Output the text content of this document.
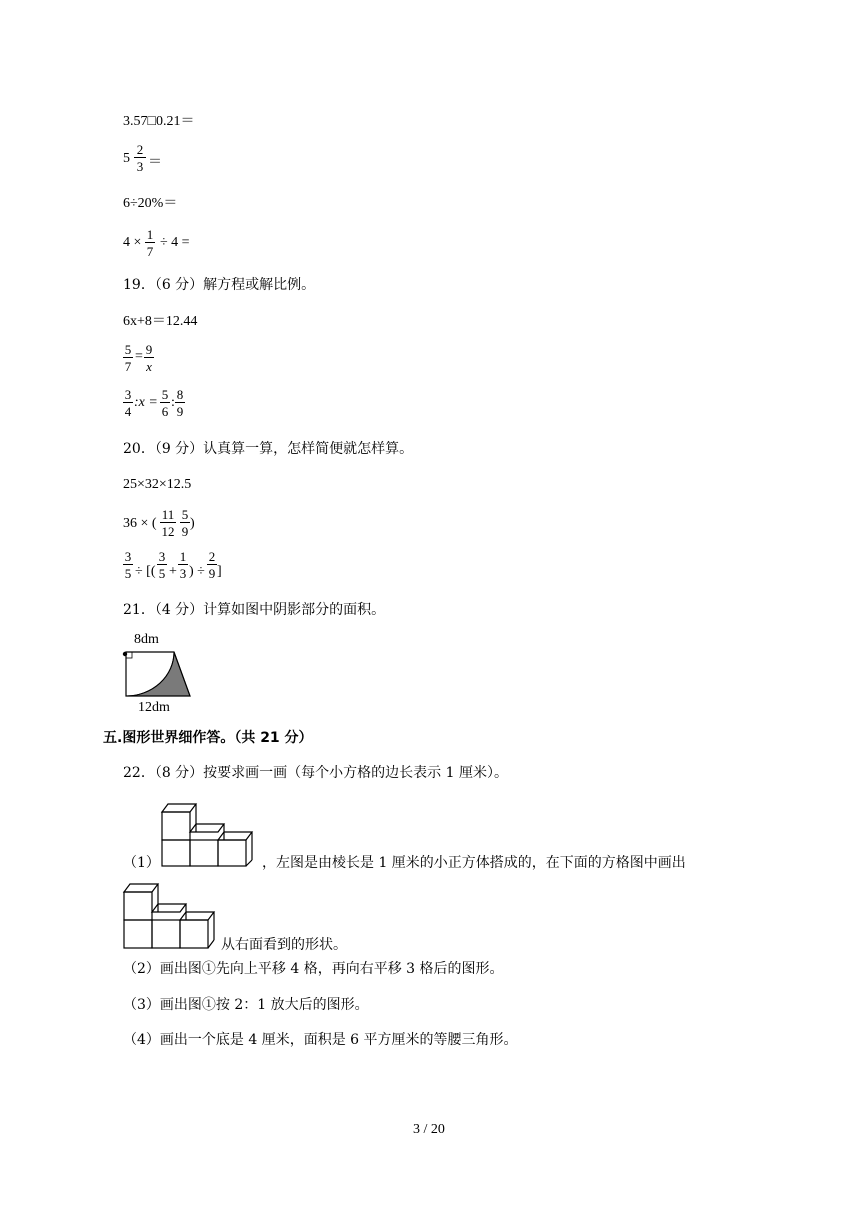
3.57□0.21＝
$5 \frac{2}{3}$ ＝
6÷20%＝
$4 \times \frac{1}{7} \div 4$ =
19．（6 分）解方程或解比例。
6x+8＝12.44
$\frac{5}{7} = \frac{9}{x}$
$\frac{3}{4}$ :x = $\frac{5}{6}$ : $\frac{8}{9}$
20．（9 分）认真算一算，怎样简便就怎样算。
25×32×12.5
36 × ( $\frac{11}{12} \frac{5}{9}$ )
$\frac{3}{5}$ ÷ [( $\frac{3}{5} + \frac{1}{3}$ ) ÷ $\frac{2}{9}$ ]
21．（4 分）计算如图中阴影部分的面积。
8dm
12dm
五.图形世界细作答。（共 21 分）
22．（8 分）按要求画一画（每个小方格的边长表示 1 厘米）。
（1）	，左图是由棱长是 1 厘米的小正方体搭成的，在下面的方格图中画出
从右面看到的形状。
（2）画出图①先向上平移 4 格，再向右平移 3 格后的图形。
（3）画出图①按 2：1 放大后的图形。
（4）画出一个底是 4 厘米，面积是 6 平方厘米的等腰三角形。
3 / 20
